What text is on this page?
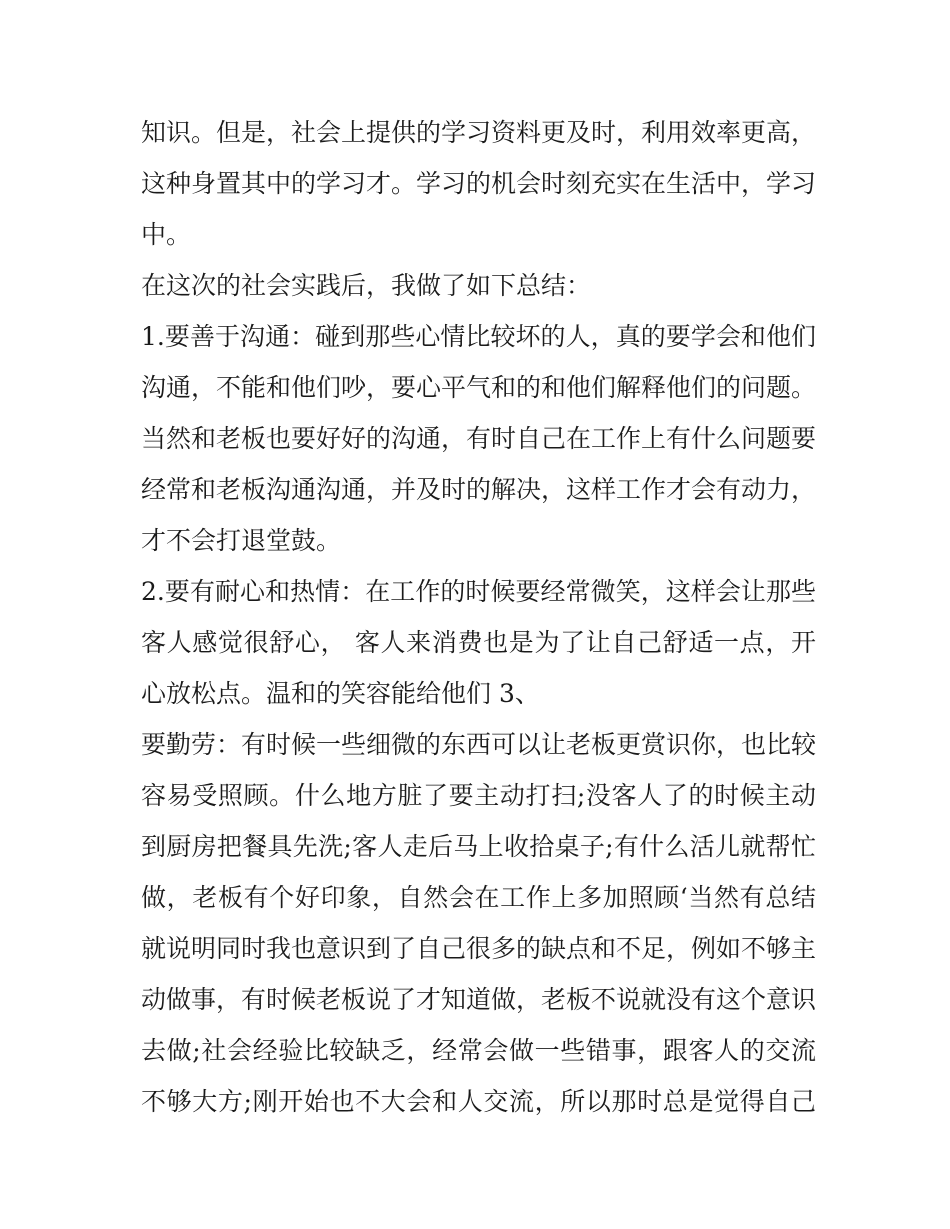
知识。但是，社会上提供的学习资料更及时，利用效率更高，
这种身置其中的学习才。学习的机会时刻充实在生活中，学习
中。
在这次的社会实践后，我做了如下总结：
1.要善于沟通：碰到那些心情比较坏的人，真的要学会和他们
沟通，不能和他们吵，要心平气和的和他们解释他们的问题。
当然和老板也要好好的沟通，有时自己在工作上有什么问题要
经常和老板沟通沟通，并及时的解决，这样工作才会有动力，
才不会打退堂鼓。
2.要有耐心和热情：在工作的时候要经常微笑，这样会让那些
客人感觉很舒心， 客人来消费也是为了让自己舒适一点，开
心放松点。温和的笑容能给他们 3、
要勤劳：有时候一些细微的东西可以让老板更赏识你，也比较
容易受照顾。什么地方脏了要主动打扫;没客人了的时候主动
到厨房把餐具先洗;客人走后马上收拾桌子;有什么活儿就帮忙
做，老板有个好印象，自然会在工作上多加照顾‘当然有总结
就说明同时我也意识到了自己很多的缺点和不足，例如不够主
动做事，有时候老板说了才知道做，老板不说就没有这个意识
去做;社会经验比较缺乏，经常会做一些错事，跟客人的交流
不够大方;刚开始也不大会和人交流，所以那时总是觉得自己
